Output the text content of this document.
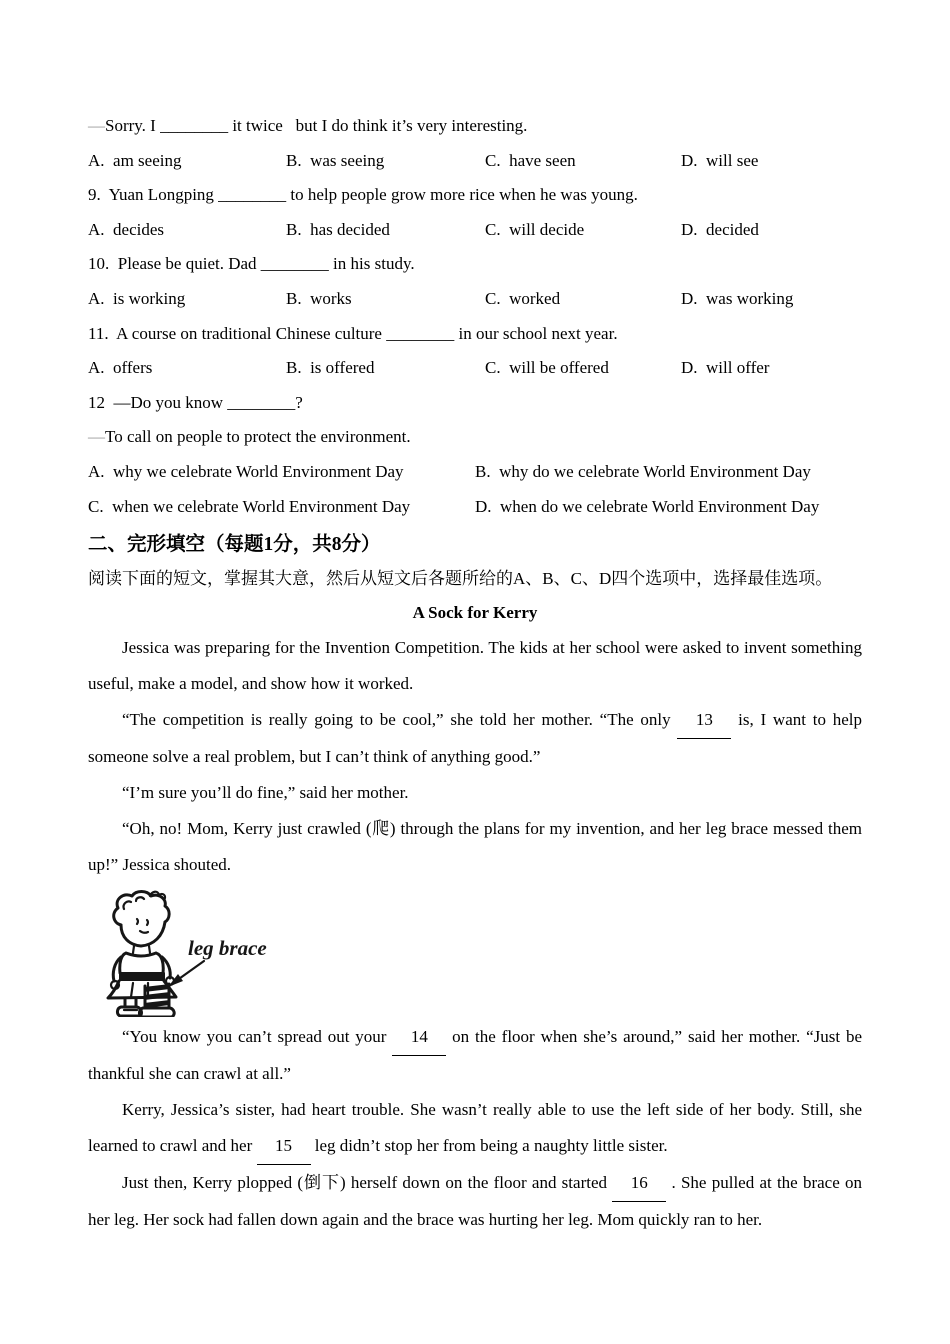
—Sorry. I ________ it twice   but I do think it’s very interesting.

A.  am seeing	B.  was seeing	C.  have seen	D.  will see

9.  Yuan Longping ________ to help people grow more rice when he was young.

A.  decides	B.  has decided	C.  will decide	D.  decided

10.  Please be quiet. Dad ________ in his study.

A.  is working	B.  works	C.  worked	D.  was working

11.  A course on traditional Chinese culture ________ in our school next year.

A.  offers	B.  is offered	C.  will be offered	D.  will offer

12  —Do you know ________?

—To call on people to protect the environment.

A.  why we celebrate World Environment Day	B.  why do we celebrate World Environment Day
C.  when we celebrate World Environment Day	D.  when do we celebrate World Environment Day
二、完形填空（每题1分，共8分）

阅读下面的短文，掌握其大意，然后从短文后各题所给的A、B、C、D四个选项中，选择最佳选项。

A Sock for Kerry

Jessica was preparing for the Invention Competition. The kids at her school were asked to invent something useful, make a model, and show how it worked.

“The competition is really going to be cool,” she told her mother. “The only 13 is, I want to help someone solve a real problem, but I can’t think of anything good.”

“I’m sure you’ll do fine,” said her mother.

“Oh, no! Mom, Kerry just crawled (爬) through the plans for my invention, and her leg brace messed them up!” Jessica shouted.

leg brace

“You know you can’t spread out your 14 on the floor when she’s around,” said her mother. “Just be thankful she can crawl at all.”

Kerry, Jessica’s sister, had heart trouble. She wasn’t really able to use the left side of her body. Still, she learned to crawl and her 15 leg didn’t stop her from being a naughty little sister.

Just then, Kerry plopped (倒下) herself down on the floor and started 16 . She pulled at the brace on her leg. Her sock had fallen down again and the brace was hurting her leg. Mom quickly ran to her.
